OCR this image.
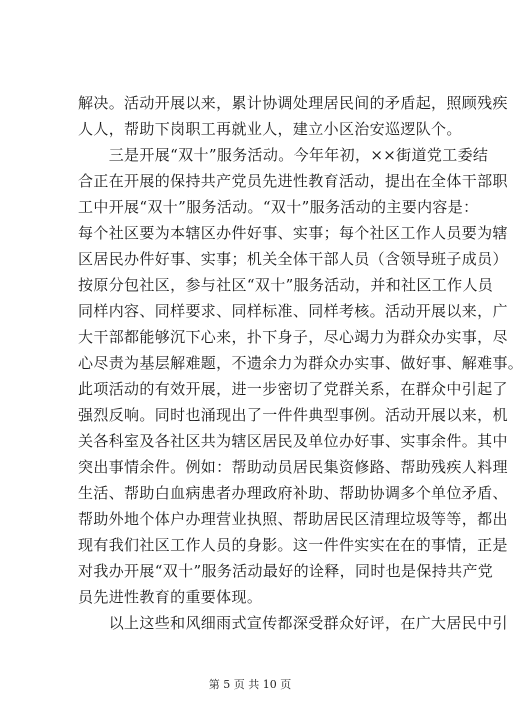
解决。活动开展以来，累计协调处理居民间的矛盾起，照顾残疾
人人，帮助下岗职工再就业人，建立小区治安巡逻队个。
　　三是开展“双十”服务活动。今年年初，××街道党工委结
合正在开展的保持共产党员先进性教育活动，提出在全体干部职
工中开展“双十”服务活动。“双十”服务活动的主要内容是：
每个社区要为本辖区办件好事、实事；每个社区工作人员要为辖
区居民办件好事、实事；机关全体干部人员（含领导班子成员）
按原分包社区，参与社区“双十”服务活动，并和社区工作人员
同样内容、同样要求、同样标准、同样考核。活动开展以来，广
大干部都能够沉下心来，扑下身子，尽心竭力为群众办实事，尽
心尽责为基层解难题，不遗余力为群众办实事、做好事、解难事。
此项活动的有效开展，进一步密切了党群关系，在群众中引起了
强烈反响。同时也涌现出了一件件典型事例。活动开展以来，机
关各科室及各社区共为辖区居民及单位办好事、实事余件。其中
突出事情余件。例如：帮助动员居民集资修路、帮助残疾人料理
生活、帮助白血病患者办理政府补助、帮助协调多个单位矛盾、
帮助外地个体户办理营业执照、帮助居民区清理垃圾等等，都出
现有我们社区工作人员的身影。这一件件实实在在的事情，正是
对我办开展“双十”服务活动最好的诠释，同时也是保持共产党
员先进性教育的重要体现。
　　以上这些和风细雨式宣传都深受群众好评，在广大居民中引
第 5 页 共 10 页
